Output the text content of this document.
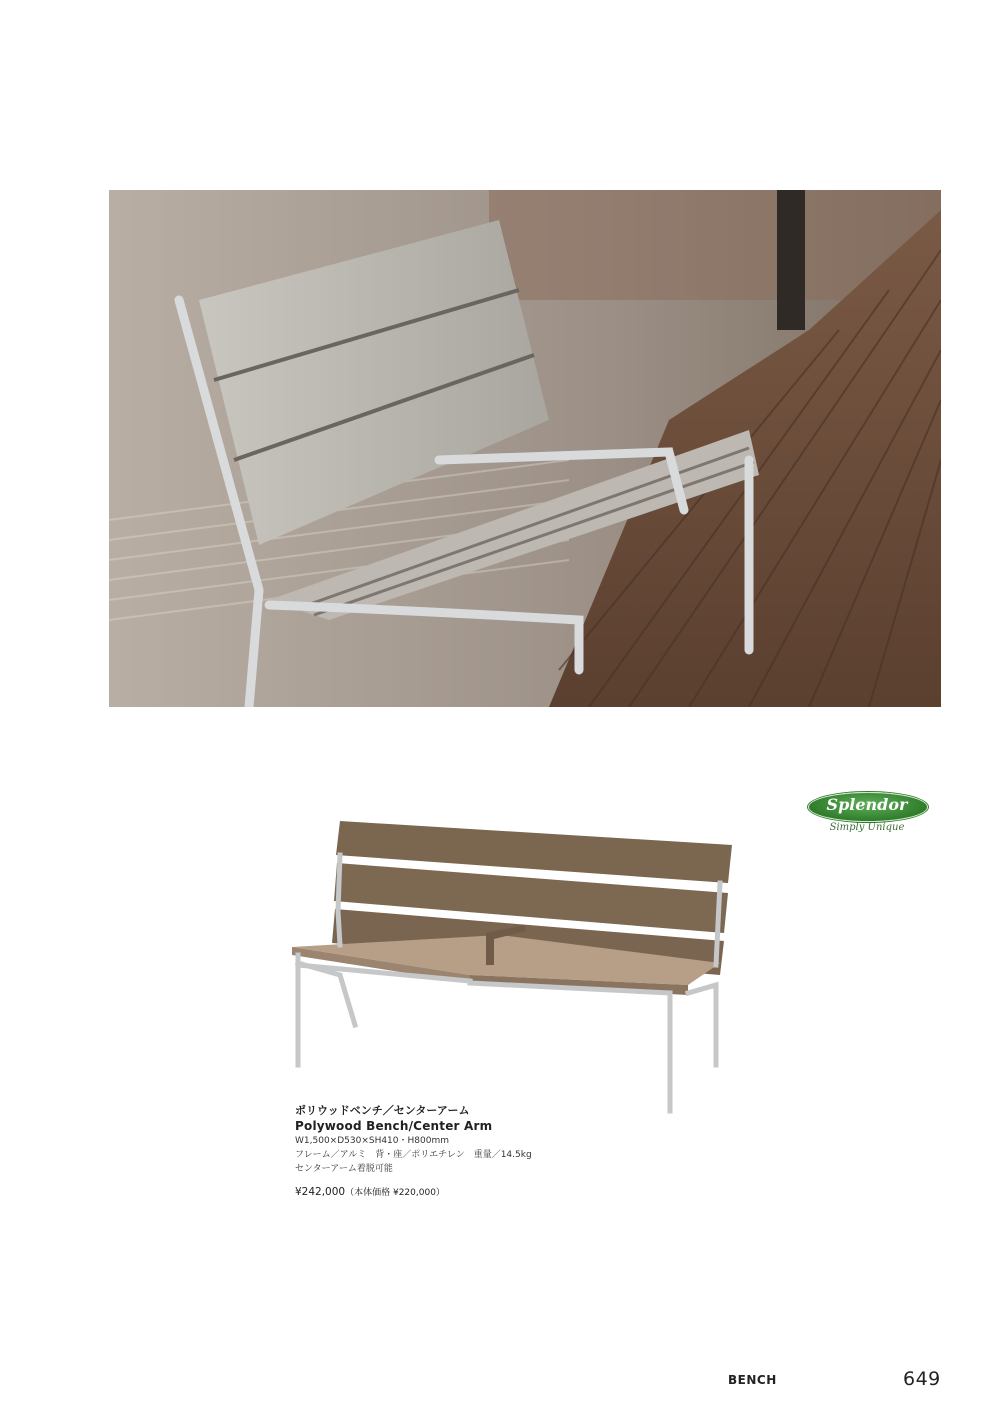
Splendor
Simply Unique
ポリウッドベンチ／センターアーム
Polywood Bench/Center Arm
W1,500×D530×SH410・H800mm
フレーム／アルミ　背・座／ポリエチレン　重量／14.5kg
センターアーム着脱可能
¥242,000（本体価格 ¥220,000）
BENCH	649
